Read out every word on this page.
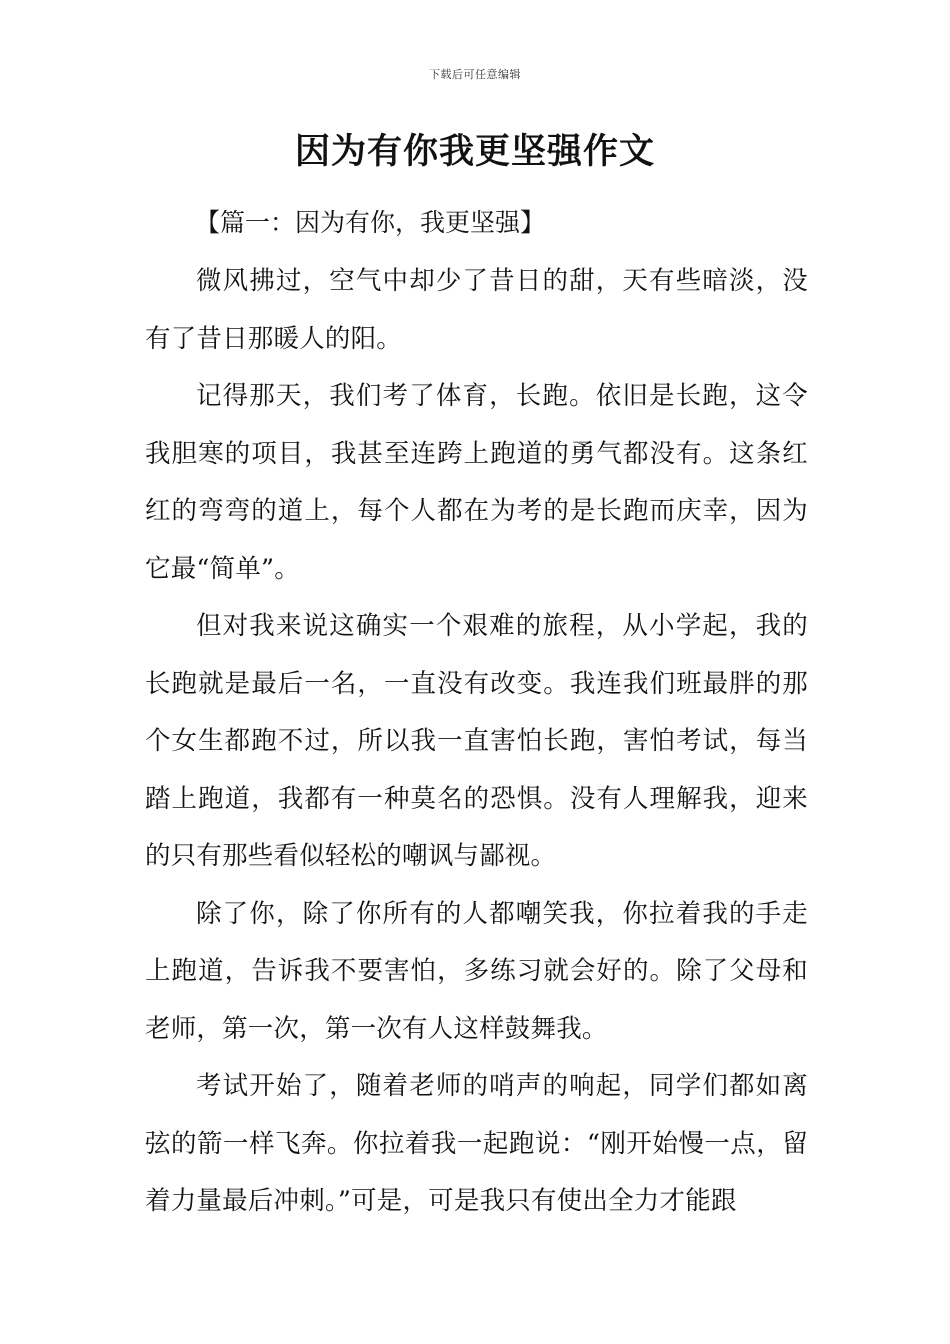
下载后可任意编辑
因为有你我更坚强作文

【篇一：因为有你，我更坚强】

微风拂过，空气中却少了昔日的甜，天有些暗淡，没有了昔日那暖人的阳。

记得那天，我们考了体育，长跑。依旧是长跑，这令我胆寒的项目，我甚至连跨上跑道的勇气都没有。这条红红的弯弯的道上，每个人都在为考的是长跑而庆幸，因为它最“简单”。

但对我来说这确实一个艰难的旅程，从小学起，我的长跑就是最后一名，一直没有改变。我连我们班最胖的那个女生都跑不过，所以我一直害怕长跑，害怕考试，每当踏上跑道，我都有一种莫名的恐惧。没有人理解我，迎来的只有那些看似轻松的嘲讽与鄙视。

除了你，除了你所有的人都嘲笑我，你拉着我的手走上跑道，告诉我不要害怕，多练习就会好的。除了父母和老师，第一次，第一次有人这样鼓舞我。

考试开始了，随着老师的哨声的响起，同学们都如离弦的箭一样飞奔。你拉着我一起跑说：“刚开始慢一点，留着力量最后冲刺。”可是，可是我只有使出全力才能跟
